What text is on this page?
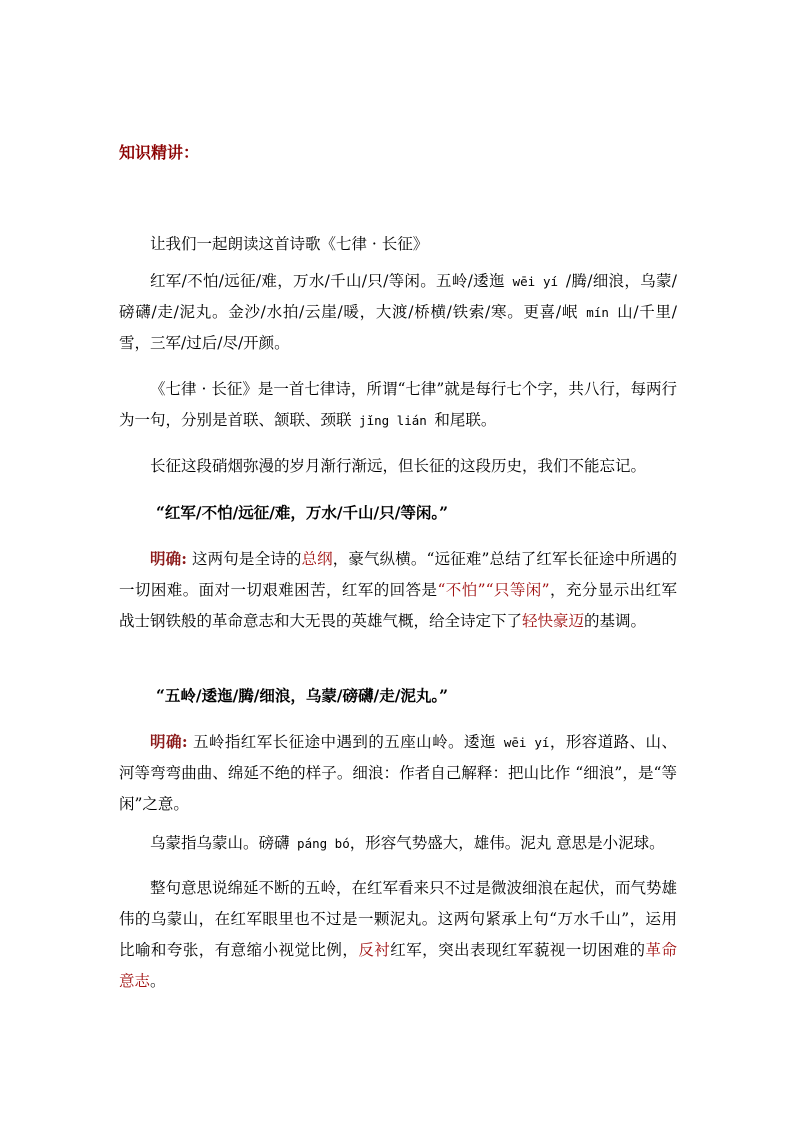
知识精讲：

让我们一起朗读这首诗歌《七律 · 长征》

红军/不怕/远征/难，万水/千山/只/等闲。五岭/逶迤 wēi yí /腾/细浪，乌蒙/磅礴/走/泥丸。金沙/水拍/云崖/暖，大渡/桥横/铁索/寒。更喜/岷 mín 山/千里/雪，三军/过后/尽/开颜。

《七律 · 长征》是一首七律诗，所谓“七律”就是每行七个字，共八行，每两行为一句，分别是首联、颔联、颈联 jǐng lián 和尾联。

长征这段硝烟弥漫的岁月渐行渐远，但长征的这段历史，我们不能忘记。

“红军/不怕/远征/难，万水/千山/只/等闲。”

明确: 这两句是全诗的总纲，豪气纵横。“远征难”总结了红军长征途中所遇的一切困难。面对一切艰难困苦，红军的回答是“不怕”“只等闲”，充分显示出红军战士钢铁般的革命意志和大无畏的英雄气概，给全诗定下了轻快豪迈的基调。

“五岭/逶迤/腾/细浪，乌蒙/磅礴/走/泥丸。”

明确: 五岭指红军长征途中遇到的五座山岭。逶迤 wēi yí，形容道路、山、河等弯弯曲曲、绵延不绝的样子。细浪：作者自己解释：把山比作 “细浪”，是“等闲”之意。

乌蒙指乌蒙山。磅礴 páng bó，形容气势盛大，雄伟。泥丸 意思是小泥球。

整句意思说绵延不断的五岭，在红军看来只不过是微波细浪在起伏，而气势雄伟的乌蒙山，在红军眼里也不过是一颗泥丸。这两句紧承上句“万水千山”，运用比喻和夸张，有意缩小视觉比例，反衬红军，突出表现红军藐视一切困难的革命意志。
